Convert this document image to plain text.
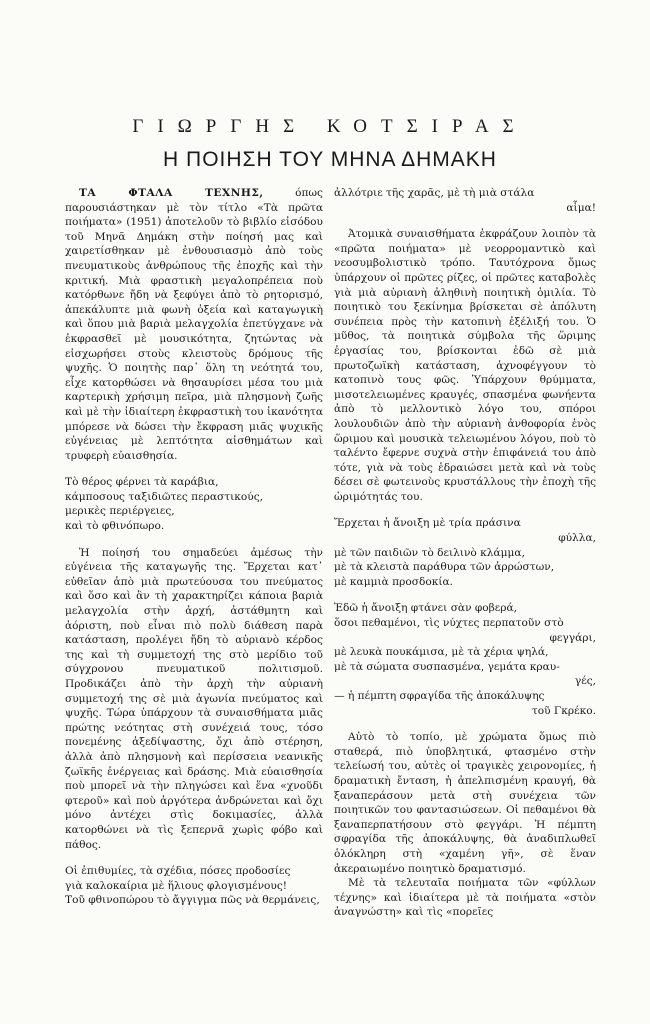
ΓΙΩΡΓΗΣ ΚΟΤΣΙΡΑΣ
Η ΠΟΙΗΣΗ ΤΟΥ ΜΗΝΑ ΔΗΜΑΚΗ

ΤΑ ΦΤΑΛΑ ΤΕΧΝΗΣ, όπως παρουσιάστηκαν μὲ τὸν τίτλο «Τὰ πρῶτα ποιήματα» (1951) ἀποτελοῦν τὸ βιβλίο εἰσόδου τοῦ Μηνᾶ Δημάκη στὴν ποίησή μας καὶ χαιρετίσθηκαν μὲ ἐνθουσιασμὸ ἀπὸ τοὺς πνευματικοὺς ἀνθρώπους τῆς ἐποχῆς καὶ τὴν κριτική. Μιὰ φραστικὴ μεγαλοπρέπεια ποὺ κατόρθωνε ἤδη νὰ ξεφύγει ἀπὸ τὸ ρητορισμό, ἀπεκάλυπτε μιὰ φωνὴ ὀξεία καὶ καταγωγικὴ καὶ ὅπου μιὰ βαριὰ μελαγχολία ἐπετύγχανε νὰ ἐκφρασθεῖ μὲ μουσικότητα, ζητώντας νὰ εἰσχωρήσει στοὺς κλειστοὺς δρόμους τῆς ψυχῆς. Ὁ ποιητὴς παρ᾽ ὅλη τη νεότητά του, εἶχε κατορθώσει νὰ θησαυρίσει μέσα του μιὰ καρτερικὴ χρήσιμη πεῖρα, μιὰ πλησμονὴ ζωῆς καὶ μὲ τὴν ἰδιαίτερη ἐκφραστικὴ του ἱκανότητα μπόρεσε νὰ δώσει τὴν ἔκφραση μιᾶς ψυχικῆς εὐγένειας μὲ λεπτότητα αἰσθημάτων καὶ τρυφερὴ εὐαισθησία.

Τὸ θέρος φέρνει τὰ καράβια,
κάμποσους ταξιδιῶτες περαστικούς,
μερικὲς περιέργειες,
καὶ τὸ φθινόπωρο.

Ἡ ποίησή του σημαδεύει ἀμέσως τὴν εὐγένεια τῆς καταγωγῆς της. Ἔρχεται κατ᾽ εὐθεῖαν ἀπὸ μιὰ πρωτεύουσα του πνεύματος καὶ ὅσο καὶ ἂν τὴ χαρακτηρίζει κάποια βαριὰ μελαγχολία στὴν ἀρχή, ἀστάθμητη καὶ ἀόριστη, ποὺ εἶναι πιὸ πολὺ διάθεση παρὰ κατάσταση, προλέγει ἤδη τὸ αὐριανὸ κέρδος της καὶ τὴ συμμετοχή της στὸ μερίδιο τοῦ σύγχρονου πνευματικοῦ πολιτισμοῦ. Προδικάζει ἀπὸ τὴν ἀρχὴ τὴν αὐριανὴ συμμετοχή της σὲ μιὰ ἀγωνία πνεύματος καὶ ψυχῆς. Τώρα ὑπάρχουν τὰ συναισθήματα μιᾶς πρώτης νεότητας στὴ συνέχειά τους, τόσο πονεμένης ἀξεδίψαστης, ὄχι ἀπὸ στέρηση, ἀλλὰ ἀπὸ πλησμονὴ καὶ περίσσεια νεανικῆς ζωϊκῆς ἐνέργειας καὶ δράσης. Μιὰ εὐαισθησία ποὺ μπορεῖ νὰ τὴν πληγώσει καὶ ἕνα «χνοῦδι φτεροῦ» καὶ ποὺ ἀργότερα ἀνδρώνεται καὶ ὄχι μόνο ἀντέχει στὶς δοκιμασίες, ἀλλὰ κατορθώνει νὰ τὶς ξεπερνᾶ χωρὶς φόβο καὶ πάθος.

Οἱ ἐπιθυμίες, τὰ σχέδια, πόσες προδοσίες
γιὰ καλοκαίρια μὲ ἥλιους φλογισμένους!
Τοῦ φθινοπώρου τὸ ἄγγιγμα πῶς νὰ θερμάνεις,
ἀλλότριε τῆς χαρᾶς, μὲ τὴ μιὰ στάλα
αἷμα!

Ἀτομικὰ συναισθήματα ἐκφράζουν λοιπὸν τὰ «πρῶτα ποιήματα» μὲ νεορρομαντικὸ καὶ νεοσυμβολιστικὸ τρόπο. Ταυτόχρονα ὅμως ὑπάρχουν οἱ πρῶτες ρίζες, οἱ πρῶτες καταβολὲς γιὰ μιὰ αὐριανὴ ἀληθινὴ ποιητικὴ ὁμιλία. Τὸ ποιητικὸ του ξεκίνημα βρίσκεται σὲ ἀπόλυτη συνέπεια πρὸς τὴν κατοπινὴ ἐξέλιξή του. Ὁ μῦθος, τὰ ποιητικὰ σύμβολα τῆς ὥριμης ἐργασίας του, βρίσκονται ἐδῶ σὲ μιὰ πρωτοζωϊκὴ κατάσταση, ἀχνοφέγγουν τὸ κατοπινὸ τους φῶς. Ὑπάρχουν θρύμματα, μισοτελειωμένες κραυγές, σπασμένα φωνήεντα ἀπὸ τὸ μελλοντικὸ λόγο του, σπόροι λουλουδιῶν ἀπὸ τὴν αὐριανὴ ἀνθοφορία ἑνὸς ὥριμου καὶ μουσικὰ τελειωμένου λόγου, ποὺ τὸ ταλέντο ἔφερνε συχνὰ στὴν ἐπιφάνειά του ἀπὸ τότε, γιὰ νὰ τοὺς ἑδραιώσει μετὰ καὶ νὰ τοὺς δέσει σὲ φωτεινοὺς κρυστάλλους τὴν ἐποχὴ τῆς ὡριμότητάς του.

Ἔρχεται ἡ ἄνοιξη μὲ τρία πράσινα
φύλλα,
μὲ τῶν παιδιῶν τὸ δειλινὸ κλάμμα,
μὲ τὰ κλειστὰ παράθυρα τῶν ἀρρώστων,
μὲ καμμιὰ προσδοκία.
Ἐδῶ ἡ ἄνοιξη φτάνει σὰν φοβερά,
ὅσοι πεθαμένοι, τὶς νύχτες περπατοῦν στὸ
φεγγάρι,
μὲ λευκὰ πουκάμισα, μὲ τὰ χέρια ψηλά,
μὲ τὰ σώματα συσπασμένα, γεμάτα κραυ-
γές,
— ἡ πέμπτη σφραγίδα τῆς ἀποκάλυψης
τοῦ Γκρέκο.

Αὐτὸ τὸ τοπίο, μὲ χρώματα ὅμως πιὸ σταθερά, πιὸ ὑποβλητικά, φτασμένο στὴν τελείωσή του, αὐτὲς οἱ τραγικὲς χειρονομίες, ἡ δραματικὴ ἔνταση, ἡ ἀπελπισμένη κραυγή, θὰ ξαναπεράσουν μετὰ στὴ συνέχεια τῶν ποιητικῶν του φαντασιώσεων. Οἱ πεθαμένοι θὰ ξαναπερπατήσουν στὸ φεγγάρι. Ἡ πέμπτη σφραγίδα τῆς ἀποκάλυψης, θὰ ἀναδιπλωθεῖ ὁλόκληρη στὴ «χαμένη γῆ», σὲ ἕναν ἀκεραιωμένο ποιητικὸ δραματισμό.

Μὲ τὰ τελευταῖα ποιήματα τῶν «φύλλων τέχνης» καὶ ἰδιαίτερα μὲ τὰ ποιήματα «στὸν ἀναγνώστη» καὶ τὶς «πορεῖες
